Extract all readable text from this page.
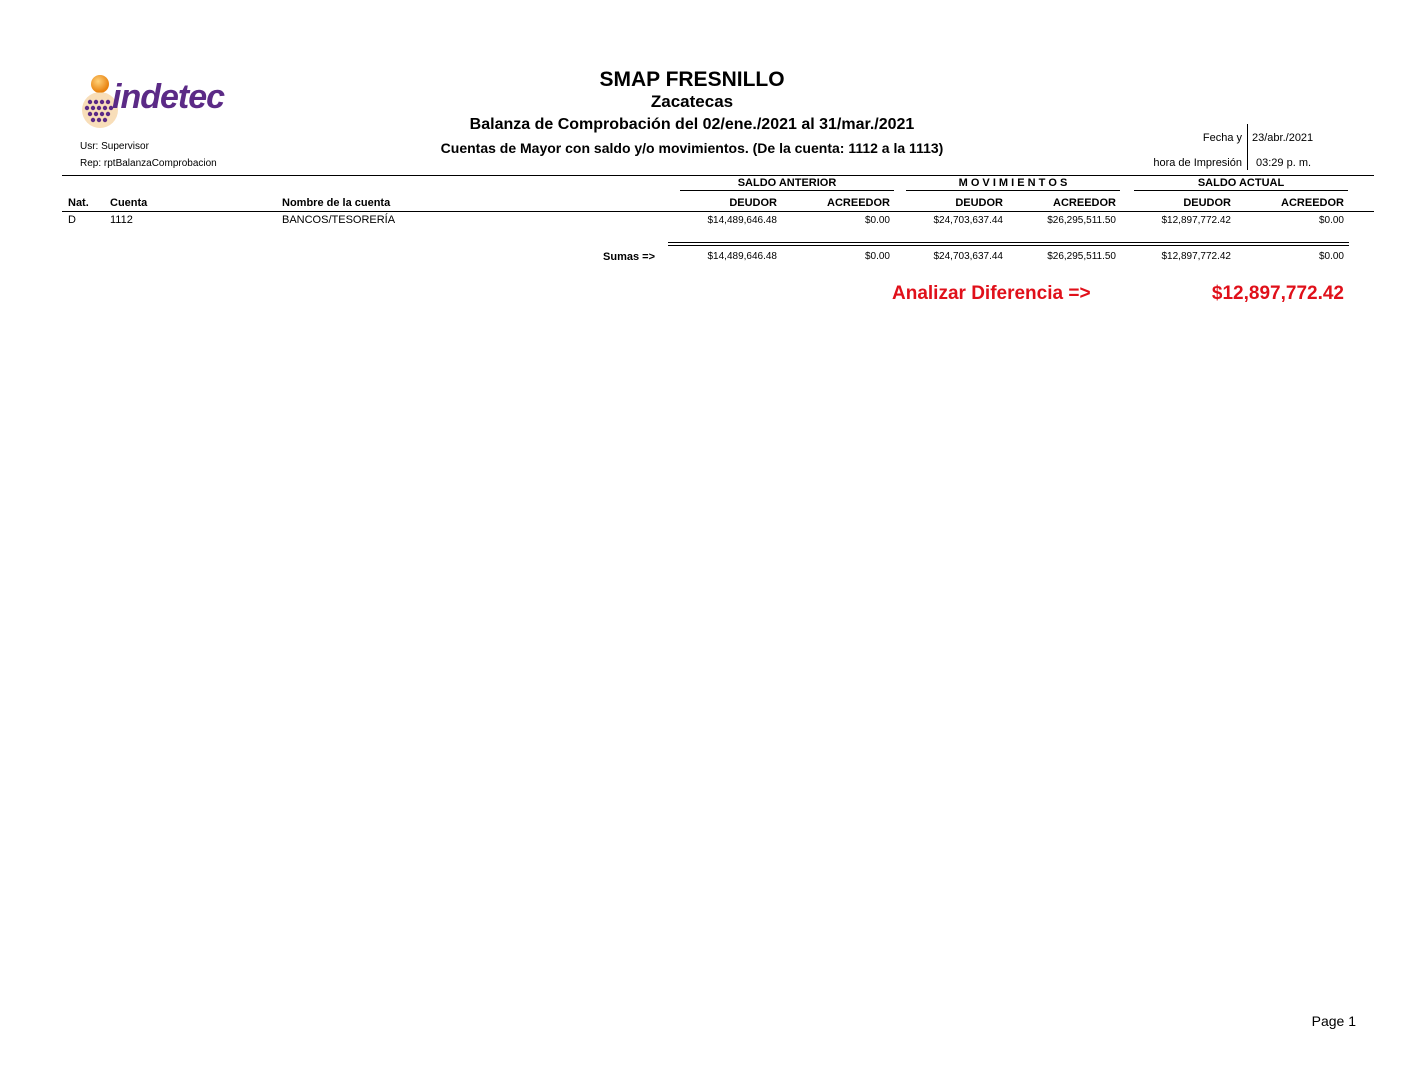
indetec	SMAP FRESNILLO
Zacatecas
Balanza de Comprobación del 02/ene./2021 al 31/mar./2021
Cuentas de Mayor con saldo y/o movimientos. (De la cuenta: 1112 a la 1113)
Usr: Supervisor
Rep: rptBalanzaComprobacion
Fecha y 23/abr./2021
hora de Impresión 03:29 p. m.
SALDO ANTERIOR	M O V I M I E N T O S	SALDO ACTUAL
Nat. Cuenta	Nombre de la cuenta	DEUDOR	ACREEDOR	DEUDOR	ACREEDOR	DEUDOR	ACREEDOR
D	1112	BANCOS/TESORERÍA	$14,489,646.48	$0.00	$24,703,637.44	$26,295,511.50	$12,897,772.42	$0.00
Sumas =>	$14,489,646.48	$0.00	$24,703,637.44	$26,295,511.50	$12,897,772.42	$0.00
Analizar Diferencia =>	$12,897,772.42
Page 1
